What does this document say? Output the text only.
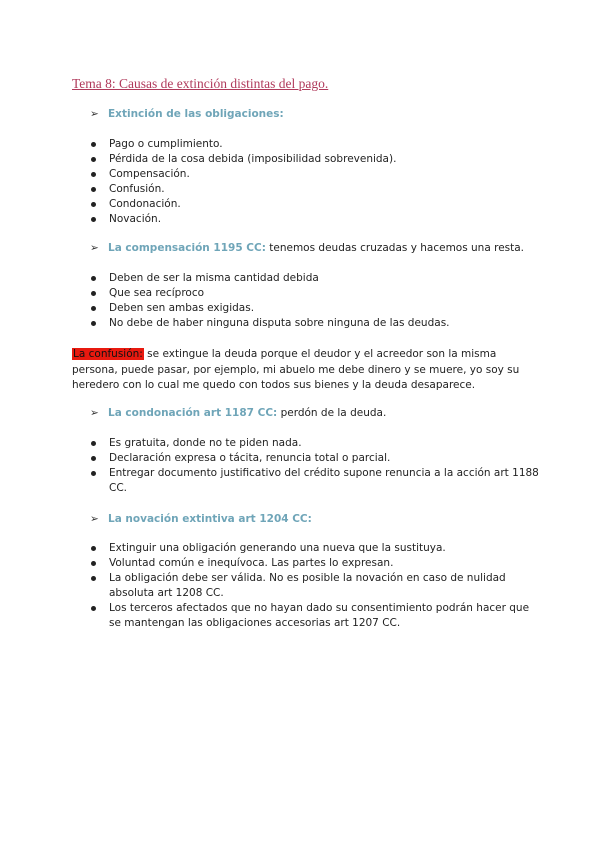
Tema 8: Causas de extinción distintas del pago.
➢ Extinción de las obligaciones:
Pago o cumplimiento.
Pérdida de la cosa debida (imposibilidad sobrevenida).
Compensación.
Confusión.
Condonación.
Novación.
➢ La compensación 1195 CC: tenemos deudas cruzadas y hacemos una resta.
Deben de ser la misma cantidad debida
Que sea recíproco
Deben sen ambas exigidas.
No debe de haber ninguna disputa sobre ninguna de las deudas.
La confusión: se extingue la deuda porque el deudor y el acreedor son la misma persona, puede pasar, por ejemplo, mi abuelo me debe dinero y se muere, yo soy su heredero con lo cual me quedo con todos sus bienes y la deuda desaparece.
➢ La condonación art 1187 CC: perdón de la deuda.
Es gratuita, donde no te piden nada.
Declaración expresa o tácita, renuncia total o parcial.
Entregar documento justificativo del crédito supone renuncia a la acción art 1188 CC.
➢ La novación extintiva art 1204 CC:
Extinguir una obligación generando una nueva que la sustituya.
Voluntad común e inequívoca. Las partes lo expresan.
La obligación debe ser válida. No es posible la novación en caso de nulidad absoluta art 1208 CC.
Los terceros afectados que no hayan dado su consentimiento podrán hacer que se mantengan las obligaciones accesorias art 1207 CC.
